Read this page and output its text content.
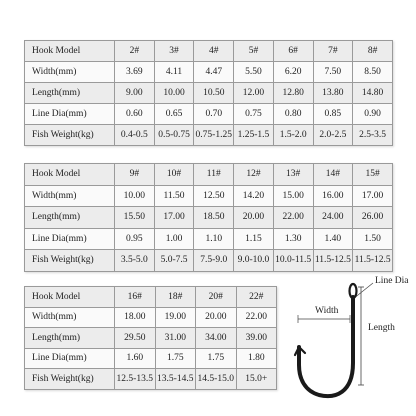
Hook Model	2#	3#	4#	5#	6#	7#	8#
Width(mm)	3.69	4.11	4.47	5.50	6.20	7.50	8.50
Length(mm)	9.00	10.00	10.50	12.00	12.80	13.80	14.80
Line Dia(mm)	0.60	0.65	0.70	0.75	0.80	0.85	0.90
Fish Weight(kg)	0.4-0.5	0.5-0.75	0.75-1.25	1.25-1.5	1.5-2.0	2.0-2.5	2.5-3.5
Hook Model	9#	10#	11#	12#	13#	14#	15#
Width(mm)	10.00	11.50	12.50	14.20	15.00	16.00	17.00
Length(mm)	15.50	17.00	18.50	20.00	22.00	24.00	26.00
Line Dia(mm)	0.95	1.00	1.10	1.15	1.30	1.40	1.50
Fish Weight(kg)	3.5-5.0	5.0-7.5	7.5-9.0	9.0-10.0	10.0-11.5	11.5-12.5	11.5-12.5
Hook Model	16#	18#	20#	22#
Width(mm)	18.00	19.00	20.00	22.00
Length(mm)	29.50	31.00	34.00	39.00
Line Dia(mm)	1.60	1.75	1.75	1.80
Fish Weight(kg)	12.5-13.5	13.5-14.5	14.5-15.0	15.0+
Line Dia
Width
Length
